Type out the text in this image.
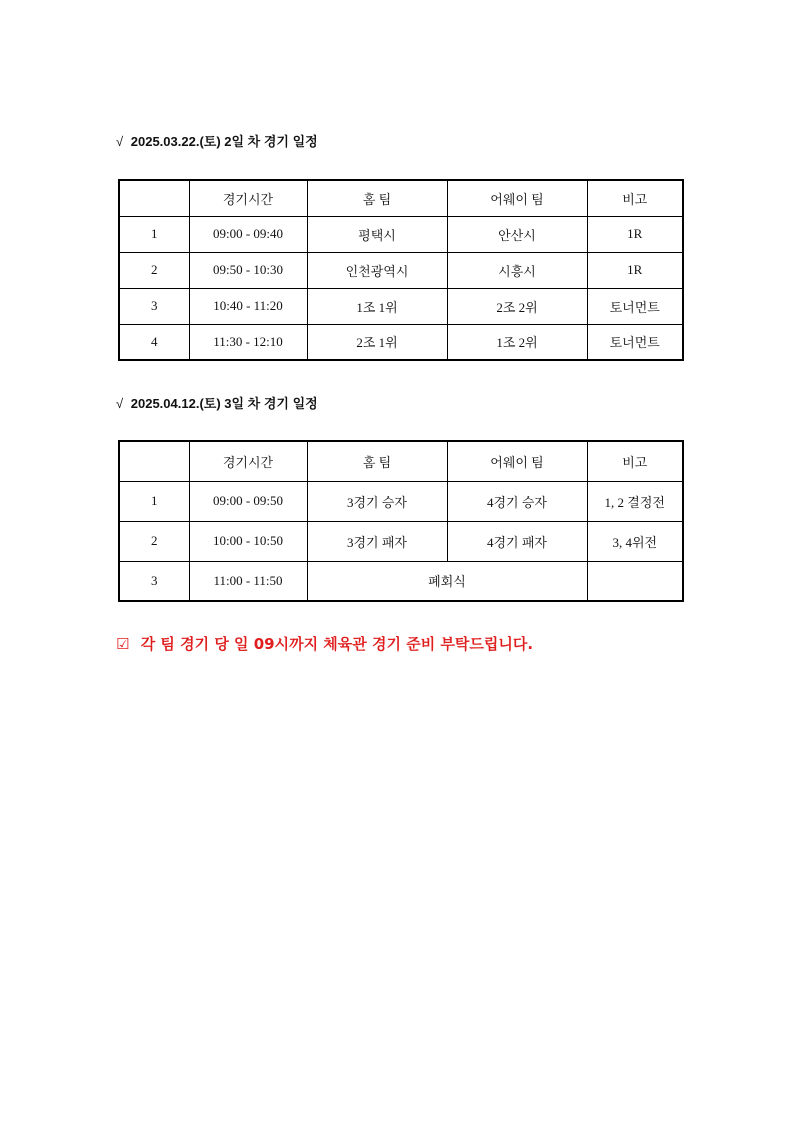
√ 2025.03.22.(토) 2일 차 경기 일정
	경기시간	홈 팀	어웨이 팀	비고
1	09:00 - 09:40	평택시	안산시	1R
2	09:50 - 10:30	인천광역시	시흥시	1R
3	10:40 - 11:20	1조 1위	2조 2위	토너먼트
4	11:30 - 12:10	2조 1위	1조 2위	토너먼트
√ 2025.04.12.(토) 3일 차 경기 일정
	경기시간	홈 팀	어웨이 팀	비고
1	09:00 - 09:50	3경기 승자	4경기 승자	1, 2 결정전
2	10:00 - 10:50	3경기 패자	4경기 패자	3, 4위전
3	11:00 - 11:50	폐회식		
☑ 각 팀 경기 당 일 09시까지 체육관 경기 준비 부탁드립니다.
